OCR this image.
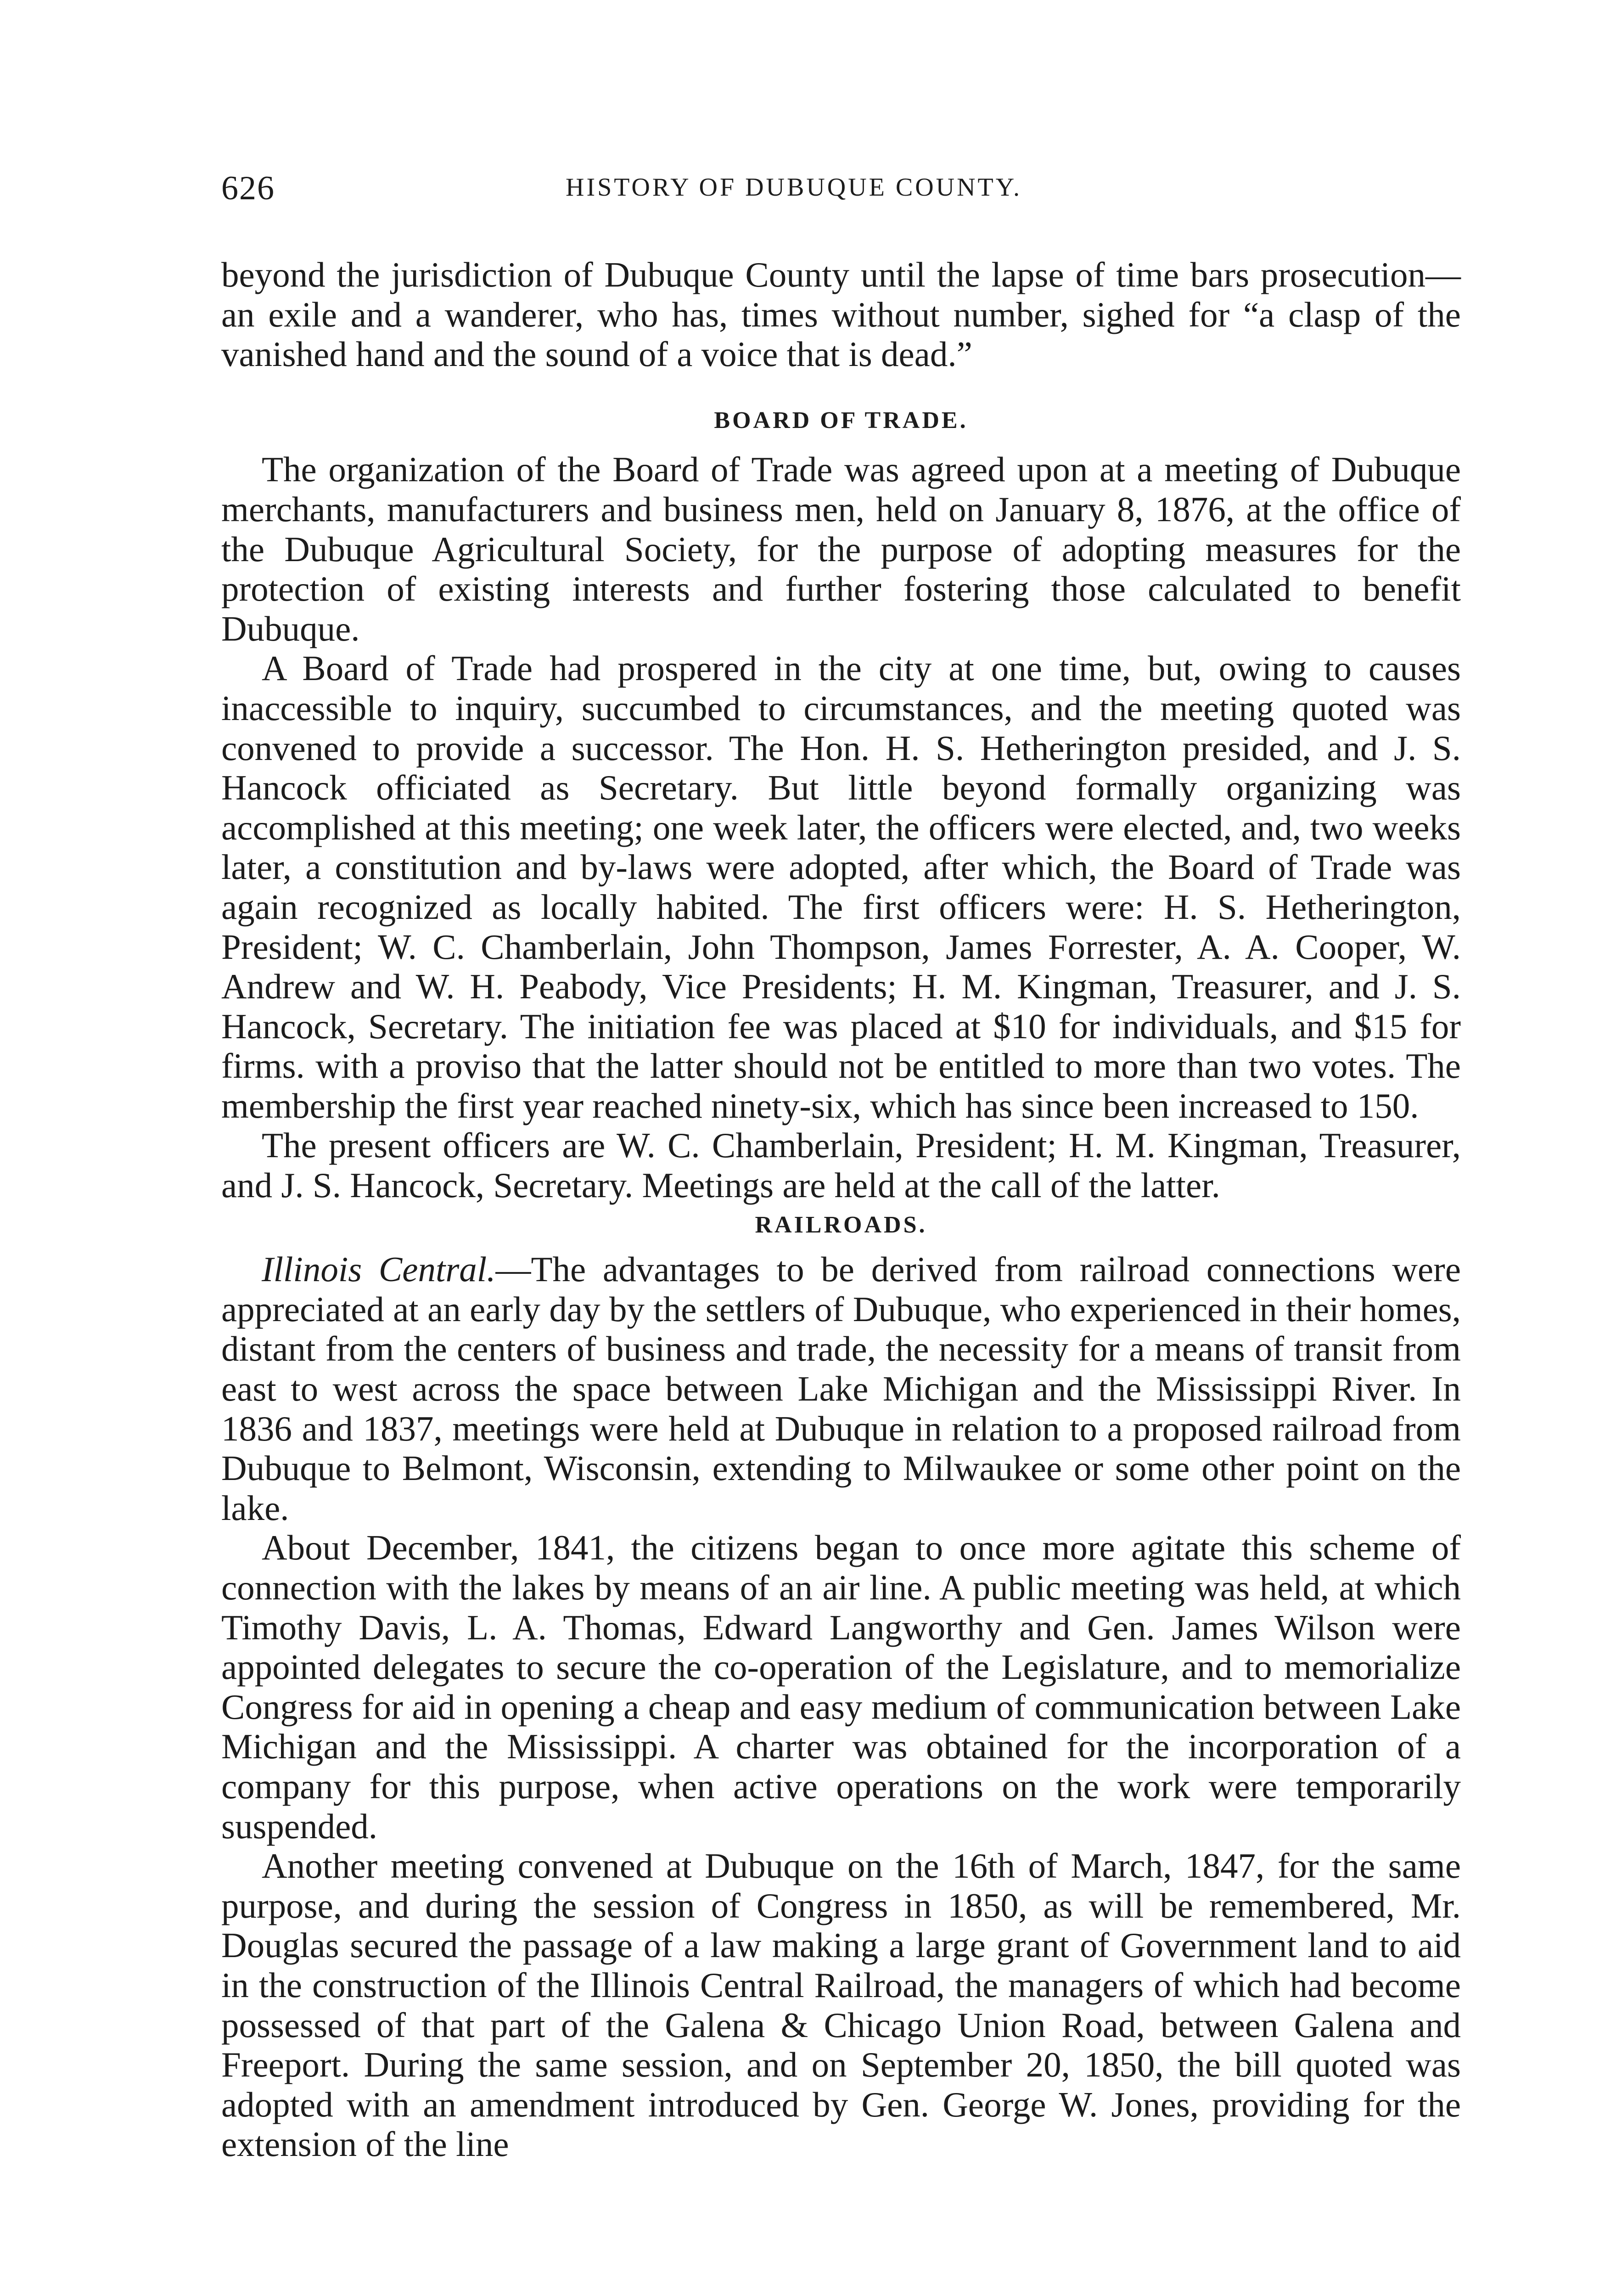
626	HISTORY OF DUBUQUE COUNTY.

beyond the jurisdiction of Dubuque County until the lapse of time bars prosecution—an exile and a wanderer, who has, times without number, sighed for “a clasp of the vanished hand and the sound of a voice that is dead.”

BOARD OF TRADE.

The organization of the Board of Trade was agreed upon at a meeting of Dubuque merchants, manufacturers and business men, held on January 8, 1876, at the office of the Dubuque Agricultural Society, for the purpose of adopting measures for the protection of existing interests and further fostering those calculated to benefit Dubuque.

A Board of Trade had prospered in the city at one time, but, owing to causes inaccessible to inquiry, succumbed to circumstances, and the meeting quoted was convened to provide a successor. The Hon. H. S. Hetherington presided, and J. S. Hancock officiated as Secretary. But little beyond formally organizing was accomplished at this meeting; one week later, the officers were elected, and, two weeks later, a constitution and by-laws were adopted, after which, the Board of Trade was again recognized as locally habited. The first officers were: H. S. Hetherington, President; W. C. Chamberlain, John Thompson, James Forrester, A. A. Cooper, W. Andrew and W. H. Peabody, Vice Presidents; H. M. Kingman, Treasurer, and J. S. Hancock, Secretary. The initiation fee was placed at $10 for individuals, and $15 for firms. with a proviso that the latter should not be entitled to more than two votes. The membership the first year reached ninety-six, which has since been increased to 150.

The present officers are W. C. Chamberlain, President; H. M. Kingman, Treasurer, and J. S. Hancock, Secretary. Meetings are held at the call of the latter.

RAILROADS.

Illinois Central.—The advantages to be derived from railroad connections were appreciated at an early day by the settlers of Dubuque, who experienced in their homes, distant from the centers of business and trade, the necessity for a means of transit from east to west across the space between Lake Michigan and the Mississippi River. In 1836 and 1837, meetings were held at Dubuque in relation to a proposed railroad from Dubuque to Belmont, Wisconsin, extending to Milwaukee or some other point on the lake.

About December, 1841, the citizens began to once more agitate this scheme of connection with the lakes by means of an air line. A public meeting was held, at which Timothy Davis, L. A. Thomas, Edward Langworthy and Gen. James Wilson were appointed delegates to secure the co-operation of the Legislature, and to memorialize Congress for aid in opening a cheap and easy medium of communication between Lake Michigan and the Mississippi. A charter was obtained for the incorporation of a company for this purpose, when active operations on the work were temporarily suspended.

Another meeting convened at Dubuque on the 16th of March, 1847, for the same purpose, and during the session of Congress in 1850, as will be remembered, Mr. Douglas secured the passage of a law making a large grant of Government land to aid in the construction of the Illinois Central Railroad, the managers of which had become possessed of that part of the Galena & Chicago Union Road, between Galena and Freeport. During the same session, and on September 20, 1850, the bill quoted was adopted with an amendment introduced by Gen. George W. Jones, providing for the extension of the line
